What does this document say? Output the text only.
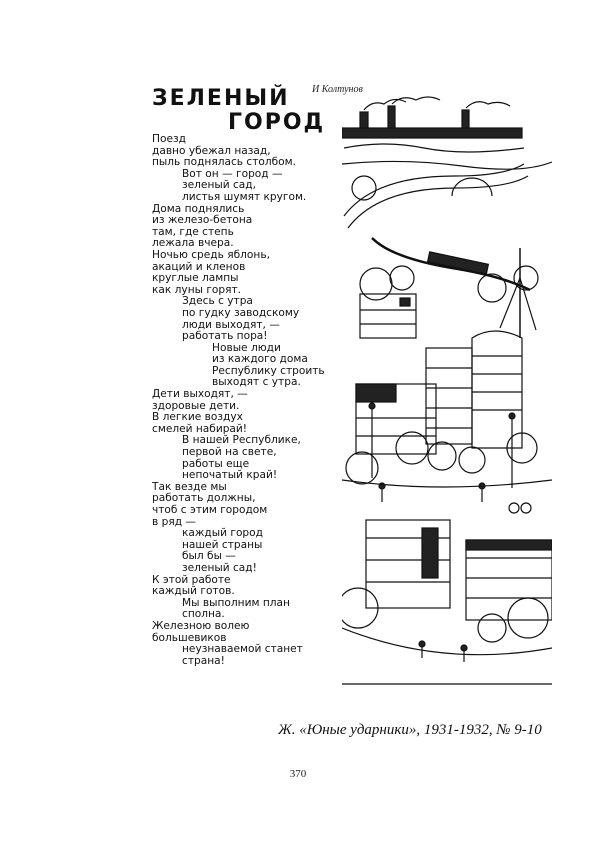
ЗЕЛЕНЫЙ
ГОРОД
И Колтунов
Поезд
давно убежал назад,
пыль поднялась столбом.
Вот он — город —
зеленый сад,
листья шумят кругом.
Дома поднялись
из железо-бетона
там, где степь
лежала вчера.
Ночью средь яблонь,
акаций и кленов
круглые лампы
как луны горят.
Здесь с утра
по гудку заводскому
люди выходят, —
работать пора!
Новые люди
из каждого дома
Республику строить
выходят с утра.
Дети выходят, —
здоровые дети.
В легкие воздух
смелей набирай!
В нашей Республике,
первой на свете,
работы еще
непочатый край!
Так везде мы
работать должны,
чтоб с этим городом
в ряд —
каждый город
нашей страны
был бы —
зеленый сад!
К этой работе
каждый готов.
Мы выполним план
сполна.
Железною волею
большевиков
неузнаваемой станет
страна!
Ж. «Юные ударники», 1931-1932, № 9-10
370
